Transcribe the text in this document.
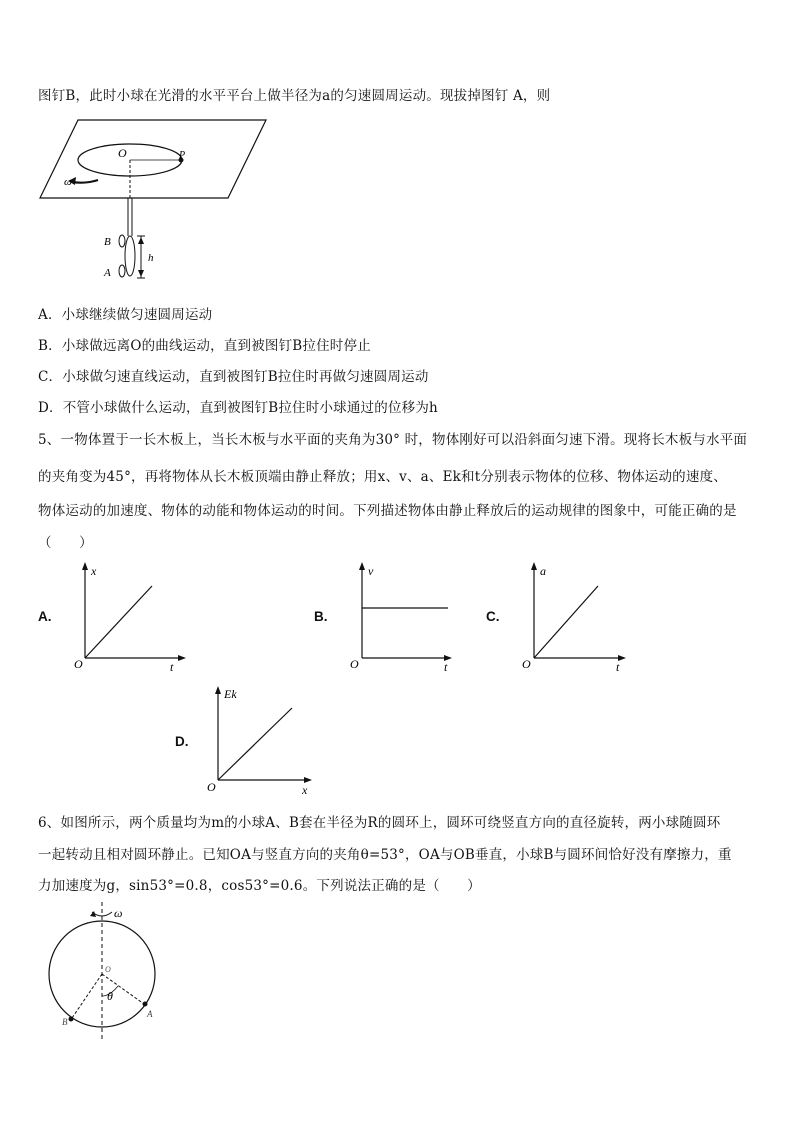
图钉B，此时小球在光滑的水平平台上做半径为a的匀速圆周运动。现拔掉图钉 A，则
O	P
ω
B
A
h
A．小球继续做匀速圆周运动
B．小球做远离O的曲线运动，直到被图钉B拉住时停止
C．小球做匀速直线运动，直到被图钉B拉住时再做匀速圆周运动
D．不管小球做什么运动，直到被图钉B拉住时小球通过的位移为h
5、一物体置于一长木板上，当长木板与水平面的夹角为30° 时，物体刚好可以沿斜面匀速下滑。现将长木板与水平面
的夹角变为45°，再将物体从长木板顶端由静止释放；用x、v、a、Ek和t分别表示物体的位移、物体运动的速度、
物体运动的加速度、物体的动能和物体运动的时间。下列描述物体由静止释放后的运动规律的图象中，可能正确的是
（　　）
A.
x
t
O
B.
v
t
O
C.
a
t
O
D.
Ek
x
O
6、如图所示，两个质量均为m的小球A、B套在半径为R的圆环上，圆环可绕竖直方向的直径旋转，两小球随圆环
一起转动且相对圆环静止。已知OA与竖直方向的夹角θ=53°，OA与OB垂直，小球B与圆环间恰好没有摩擦力，重
力加速度为g，sin53°=0.8，cos53°=0.6。下列说法正确的是（　　）
ω
θ
O
A
B
